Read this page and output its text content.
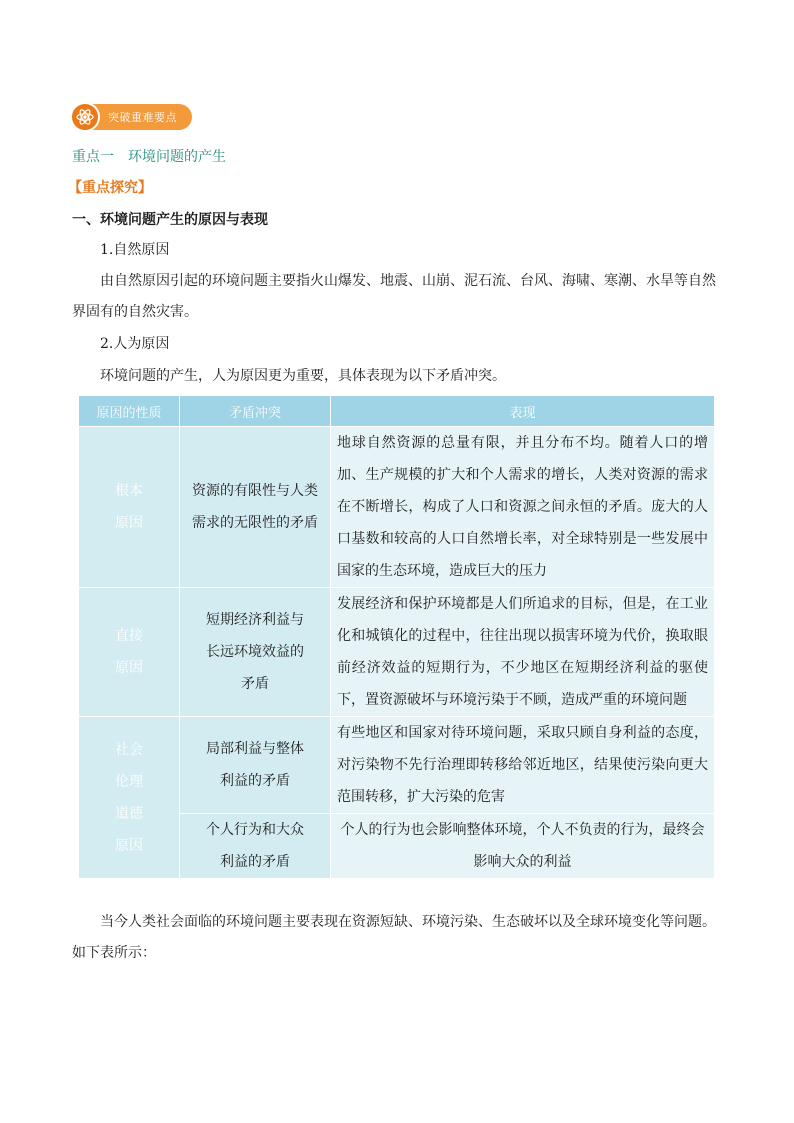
突破重难要点
重点一 环境问题的产生
【重点探究】
一、环境问题产生的原因与表现
1.自然原因
由自然原因引起的环境问题主要指火山爆发、地震、山崩、泥石流、台风、海啸、寒潮、水旱等自然界固有的自然灾害。
2.人为原因
环境问题的产生，人为原因更为重要，具体表现为以下矛盾冲突。
原因的性质	矛盾冲突	表现

根本
原因	资源的有限性与人类需求的无限性的矛盾	地球自然资源的总量有限，并且分布不均。随着人口的增加、生产规模的扩大和个人需求的增长，人类对资源的需求在不断增长，构成了人口和资源之间永恒的矛盾。庞大的人口基数和较高的人口自然增长率，对全球特别是一些发展中国家的生态环境，造成巨大的压力

直接
原因	短期经济利益与长远环境效益的矛盾	发展经济和保护环境都是人们所追求的目标，但是，在工业化和城镇化的过程中，往往出现以损害环境为代价，换取眼前经济效益的短期行为，不少地区在短期经济利益的驱使下，置资源破坏与环境污染于不顾，造成严重的环境问题

社会
伦理
道德
原因	局部利益与整体利益的矛盾	有些地区和国家对待环境问题，采取只顾自身利益的态度，对污染物不先行治理即转移给邻近地区，结果使污染向更大范围转移，扩大污染的危害
	个人行为和大众利益的矛盾	个人的行为也会影响整体环境，个人不负责的行为，最终会影响大众的利益
当今人类社会面临的环境问题主要表现在资源短缺、环境污染、生态破坏以及全球环境变化等问题。如下表所示：
